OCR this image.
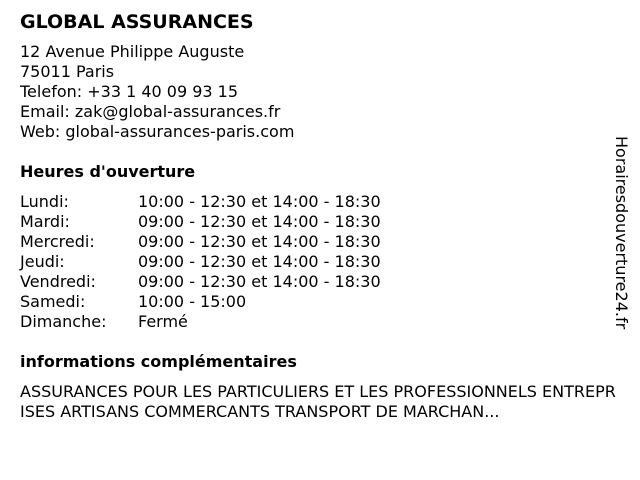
GLOBAL ASSURANCES
12 Avenue Philippe Auguste
75011 Paris
Telefon: +33 1 40 09 93 15
Email: zak@global-assurances.fr
Web: global-assurances-paris.com
Heures d'ouverture
Lundi:	10:00 - 12:30 et 14:00 - 18:30
Mardi:	09:00 - 12:30 et 14:00 - 18:30
Mercredi:	09:00 - 12:30 et 14:00 - 18:30
Jeudi:	09:00 - 12:30 et 14:00 - 18:30
Vendredi:	09:00 - 12:30 et 14:00 - 18:30
Samedi:	10:00 - 15:00
Dimanche:	Fermé
informations complémentaires
ASSURANCES POUR LES PARTICULIERS ET LES PROFESSIONNELS ENTREPRISES ARTISANS COMMERCANTS TRANSPORT DE MARCHAN...
Horairesdouverture24.fr
